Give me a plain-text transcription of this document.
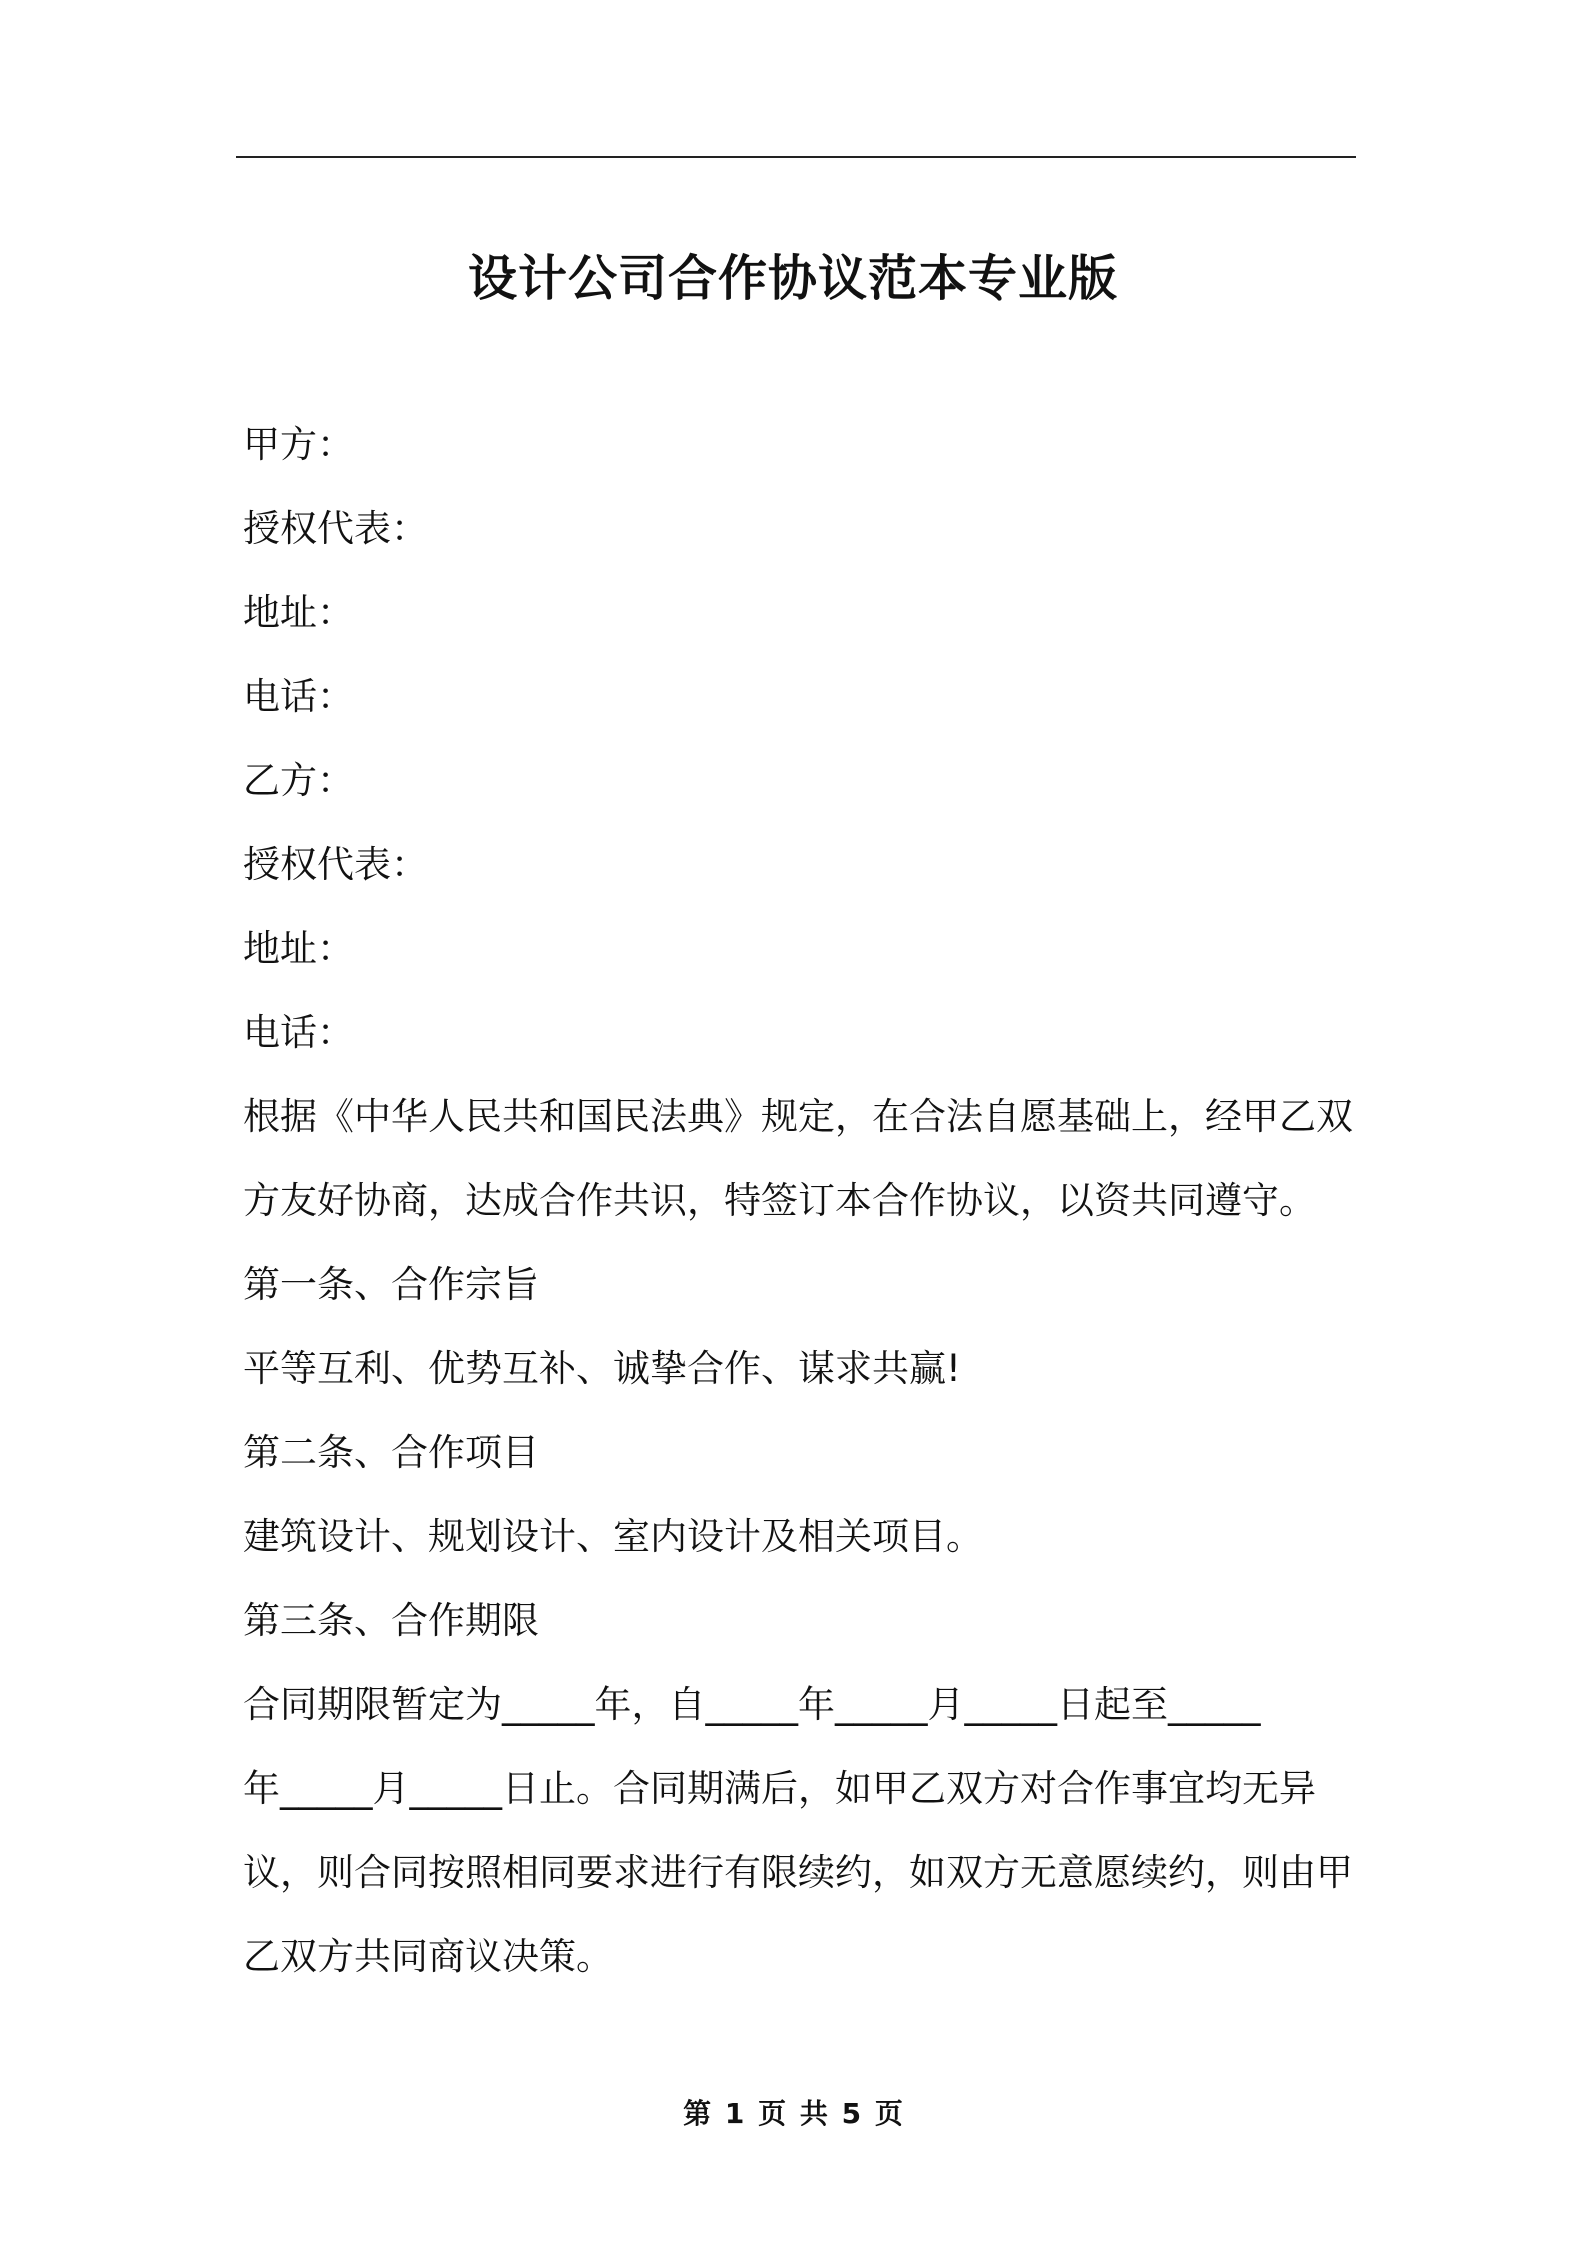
设计公司合作协议范本专业版
甲方：
授权代表：
地址：
电话：
乙方：
授权代表：
地址：
电话：
根据《中华人民共和国民法典》规定，在合法自愿基础上，经甲乙双
方友好协商，达成合作共识，特签订本合作协议，以资共同遵守。
第一条、合作宗旨
平等互利、优势互补、诚挚合作、谋求共赢!
第二条、合作项目
建筑设计、规划设计、室内设计及相关项目。
第三条、合作期限
合同期限暂定为_____年，自_____年_____月_____日起至_____
年_____月_____日止。合同期满后，如甲乙双方对合作事宜均无异
议，则合同按照相同要求进行有限续约，如双方无意愿续约，则由甲
乙双方共同商议决策。
第 1 页 共 5 页
